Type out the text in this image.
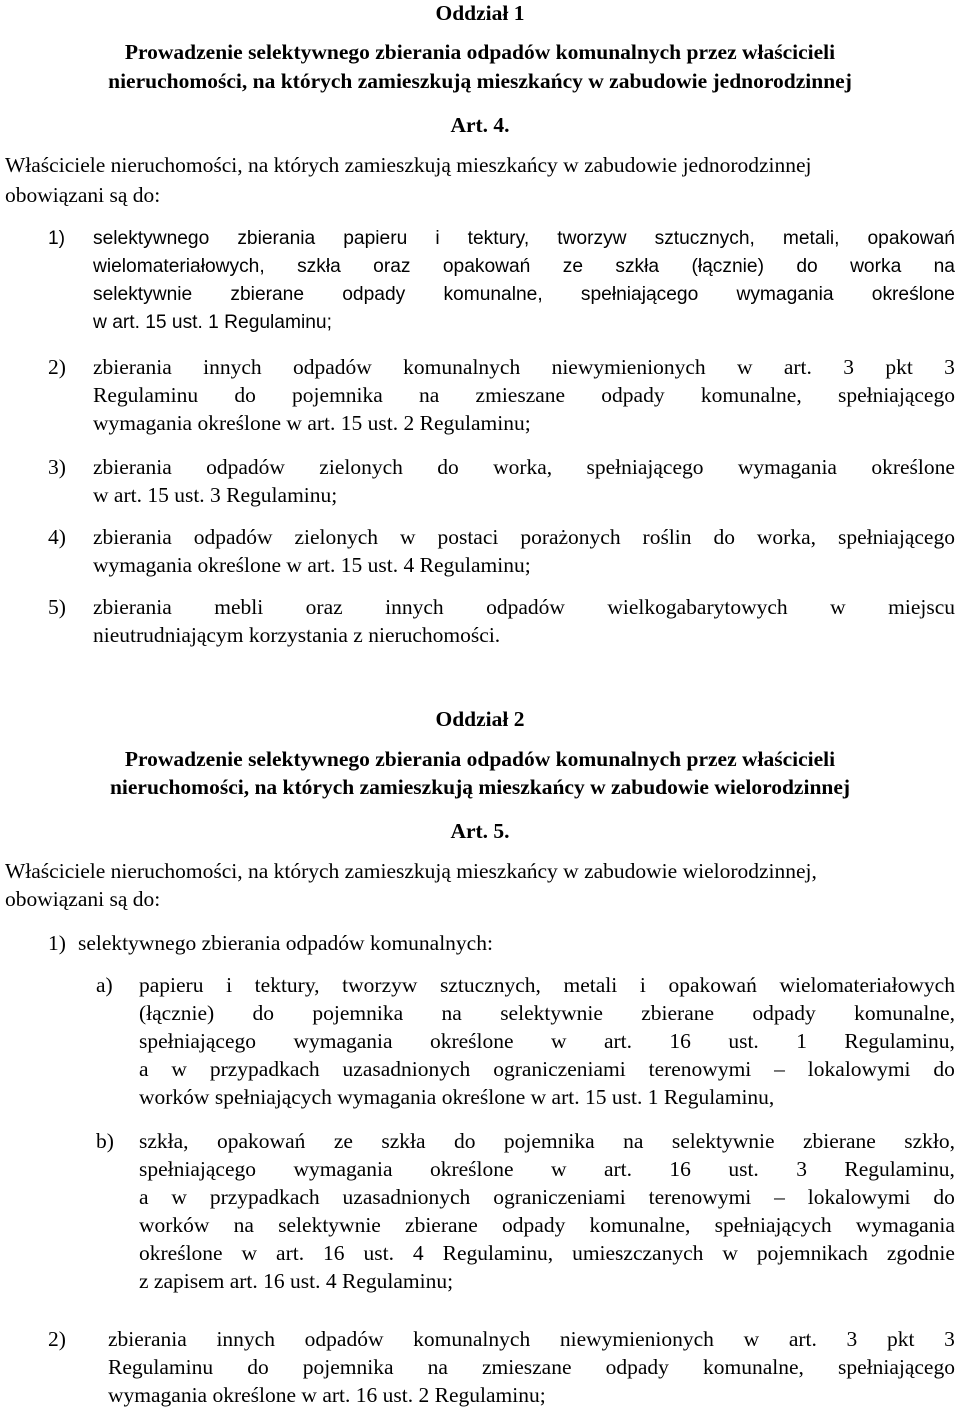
Oddział 1
Prowadzenie selektywnego zbierania odpadów komunalnych przez właścicieli
nieruchomości, na których zamieszkują mieszkańcy w zabudowie jednorodzinnej
Art. 4.
Właściciele nieruchomości, na których zamieszkują mieszkańcy w zabudowie jednorodzinnej
obowiązani są do:
1) selektywnego zbierania papieru i tektury, tworzyw sztucznych, metali, opakowań
wielomateriałowych, szkła oraz opakowań ze szkła (łącznie) do worka na
selektywnie zbierane odpady komunalne, spełniającego wymagania określone
w art. 15 ust. 1 Regulaminu;
2) zbierania innych odpadów komunalnych niewymienionych w art. 3 pkt 3
Regulaminu do pojemnika na zmieszane odpady komunalne, spełniającego
wymagania określone w art. 15 ust. 2 Regulaminu;
3) zbierania odpadów zielonych do worka, spełniającego wymagania określone
w art. 15 ust. 3 Regulaminu;
4) zbierania odpadów zielonych w postaci porażonych roślin do worka, spełniającego
wymagania określone w art. 15 ust. 4 Regulaminu;
5) zbierania mebli oraz innych odpadów wielkogabarytowych w miejscu
nieutrudniającym korzystania z nieruchomości.
Oddział 2
Prowadzenie selektywnego zbierania odpadów komunalnych przez właścicieli
nieruchomości, na których zamieszkują mieszkańcy w zabudowie wielorodzinnej
Art. 5.
Właściciele nieruchomości, na których zamieszkują mieszkańcy w zabudowie wielorodzinnej,
obowiązani są do:
1) selektywnego zbierania odpadów komunalnych:
a) papieru i tektury, tworzyw sztucznych, metali i opakowań wielomateriałowych
(łącznie) do pojemnika na selektywnie zbierane odpady komunalne,
spełniającego wymagania określone w art. 16 ust. 1 Regulaminu,
a w przypadkach uzasadnionych ograniczeniami terenowymi – lokalowymi do
worków spełniających wymagania określone w art. 15 ust. 1 Regulaminu,
b) szkła, opakowań ze szkła do pojemnika na selektywnie zbierane szkło,
spełniającego wymagania określone w art. 16 ust. 3 Regulaminu,
a w przypadkach uzasadnionych ograniczeniami terenowymi – lokalowymi do
worków na selektywnie zbierane odpady komunalne, spełniających wymagania
określone w art. 16 ust. 4 Regulaminu, umieszczanych w pojemnikach zgodnie
z zapisem art. 16 ust. 4 Regulaminu;
2) zbierania innych odpadów komunalnych niewymienionych w art. 3 pkt 3
Regulaminu do pojemnika na zmieszane odpady komunalne, spełniającego
wymagania określone w art. 16 ust. 2 Regulaminu;
